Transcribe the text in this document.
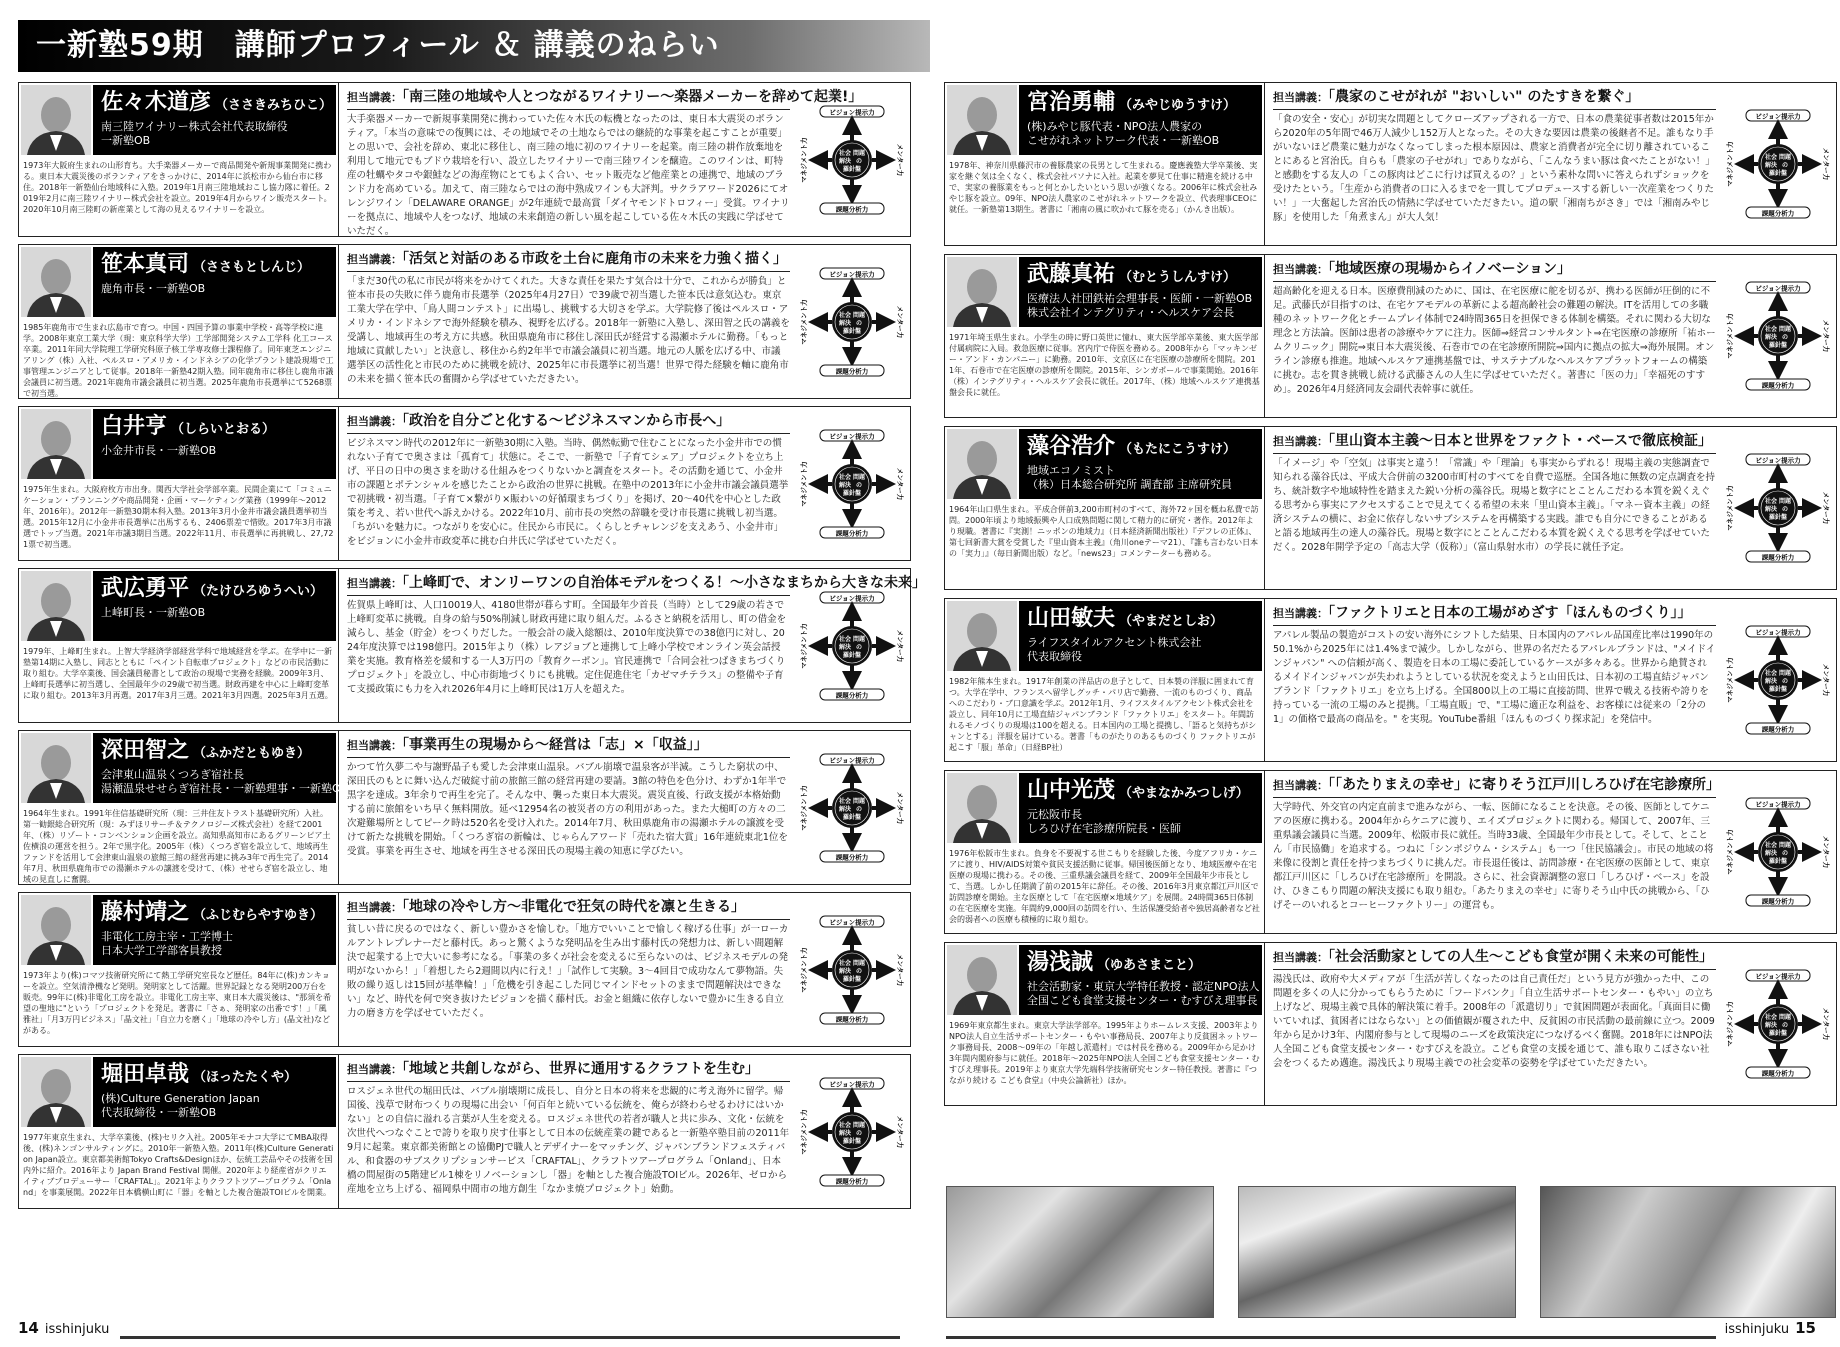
一新塾59期　講師プロフィール ＆ 講義のねらい
佐々木道彦 （ささきみちひこ）
南三陸ワイナリー株式会社代表取締役
一新塾OB
1973年大阪府生まれの山形育ち。大手楽器メーカーで商品開発や新規事業開発に携わる。東日本大震災後のボランティアをきっかけに、2014年に浜松市から仙台市に移住。2018年一新塾仙台地域科に入塾。2019年1月南三陸地域おこし協力隊に着任。2019年2月に南三陸ワイナリー株式会社を設立。2019年4月からワイン販売スタート。2020年10月南三陸町の新産業として海の見えるワイナリーを設立。
担当講義：「南三陸の地域や人とつながるワイナリー～楽器メーカーを辞めて起業!」
大手楽器メーカーで新規事業開発に携わっていた佐々木氏の転機となったのは、東日本大震災のボランティア。「本当の意味での復興には、その地域でその土地ならではの継続的な事業を起こすことが重要」との思いで、会社を辞め、東北に移住し、南三陸の地に初のワイナリーを起業。南三陸の耕作放棄地を利用して地元でもブドウ栽培を行い、設立したワイナリーで南三陸ワインを醸造。このワインは、町特産の牡蠣やタコや銀鮭などの海産物にとてもよく合い、セット販売など他産業との連携で、地域のブランド力を高めている。加えて、南三陸ならではの海中熟成ワインも大評判。サクラアワード2026にてオレンジワイン「DELAWARE ORANGE」が2年連続で最高賞「ダイヤモンドトロフィー」受賞。ワイナリーを拠点に、地域や人をつなげ、地域の未来創造の新しい風を起こしている佐々木氏の実践に学ばせていただく。
ビジョン提示力
社会 問題
解決 の
羅針盤
課題分析力
マネジメント力	メンター力
笹本真司 （ささもとしんじ）
鹿角市長・一新塾OB
1985年鹿角市で生まれ広島市で育つ。中国・四国予算の事業中学校・高等学校に進学。2008年東京工業大学（現：東京科学大学）工学部開発システム工学科 化工コース卒業。2011年同大学院理工学研究科原子核工学専攻修士課程修了。同年東芝エンジニアリング（株）入社、ペルスロ・アメリカ・インドネシアの化学プラント建設現場で工事管理エンジニアとして従事。2018年一新塾42期入塾。同年鹿角市に移住し鹿角市議会議員に初当選。2021年鹿角市議会議員に初当選。2025年鹿角市長選挙にて5268票で初当選。
担当講義：「活気と対話のある市政を土台に鹿角市の未来を力強く描く」
「まだ30代の私に市民が将来をかけてくれた。大きな責任を果たす気合は十分で、これからが勝負」と笹本市長の失敗に伴う鹿角市長選挙（2025年4月27日）で39歳で初当選した笹本氏は意気込む。東京工業大学在学中、「鳥人間コンテスト」に出場し、挑戦する大切さを学ぶ。大学院修了後はペルスロ・アメリカ・インドネシアで海外経験を積み、視野を広げる。2018年一新塾に入塾し、深田智之氏の講義を受講し、地域再生の考え方に共感。秋田県鹿角市に移住し深田氏が経営する湯瀬ホテルに勤務。「もっと地域に貢献したい」と決意し、移住から約2年半で市議会議員に初当選。地元の人脈を広げる中、市議選挙区の活性化と市民のために挑戦を続け、2025年に市長選挙に初当選！世界で得た経験を軸に鹿角市の未来を描く笹本氏の奮闘から学ばせていただきたい。
ビジョン提示力
社会 問題
解決 の
羅針盤
課題分析力
マネジメント力	メンター力
白井亨 （しらいとおる）
小金井市長・一新塾OB
1975年生まれ。大阪府枚方市出身。関西大学社会学部卒業。民間企業にて「コミュニケーション・プランニングや商品開発・企画・マーケティング業務（1999年～2012年、2016年）。2012年一新塾30期本科入塾。2013年3月小金井市議会議員選挙初当選。2015年12月に小金井市長選挙に出馬するも、2406票差で惜敗。2017年3月市議選でトップ当選。2021年市議3期目当選。2022年11月、市長選挙に再挑戦し、27,721票で初当選。
担当講義：「政治を自分ごと化する～ビジネスマンから市長へ」
ビジネスマン時代の2012年に一新塾30期に入塾。当時、偶然転勤で住むことになった小金井市での慣れない子育てで奥さまは「孤育て」状態に。そこで、一新塾で「子育てシェア」プロジェクトを立ち上げ、平日の日中の奥さまを助ける仕組みをつくりないかと調査をスタート。その活動を通じて、小金井市の課題とポテンシャルを感じたことから政治の世界に挑戦。在塾中の2013年に小金井市議会議員選挙で初挑戦・初当選。「子育て×繋がり×賑わいの好循環まちづくり」を掲げ、20～40代を中心とした政策を考え、若い世代へ訴えかける。2022年10月、前市長の突然の辞職を受け市長選に挑戦し初当選。「ちがいを魅力に。つながりを安心に。住民から市民に。くらしとチャレンジを支えあう、小金井市」をビジョンに小金井市政変革に挑む白井氏に学ばせていただく。
ビジョン提示力
社会 問題
解決 の
羅針盤
課題分析力
マネジメント力	メンター力
武広勇平 （たけひろゆうへい）
上峰町長・一新塾OB
1979年、上峰町生まれ。上智大学経済学部経営学科で地域経営を学ぶ。在学中に一新塾第14期に入塾し、同志とともに「ペイント自転車プロジェクト」などの市民活動に取り組む。大学卒業後、国会議員秘書として政治の現場で実務を経験。2009年3月、上峰町長選挙に初当選し、全国最年少の29歳で初当選。財政再建を中心に上峰町変革に取り組む。2013年3月再選。2017年3月三選。2021年3月四選。2025年3月五選。
担当講義：「上峰町で、オンリーワンの自治体モデルをつくる！～小さなまちから大きな未来」
佐賀県上峰町は、人口10019人、4180世帯が暮らす町。全国最年少首長（当時）として29歳の若さで上峰町変革に挑戦。自身の給与50%削減し財政再建に取り組んだ。ふるさと納税を活用し、町の借金を減らし、基金（貯金）をつくりだした。一般会計の歳入総額は、2010年度決算での38億円に対し、2024年度決算では198億円。2015年より（株）レアジョブと連携して上峰小学校でオンライン英会話授業を実施。教育格差を緩和する一人3万円の「教育クーポン」。官民連携で「合同会社つばきまちづくりプロジェクト」を設立し、中心市街地づくりにも挑戦。定住促進住宅「カゼマチテラス」の整備や子育て支援政策にも力を入れ2026年4月に上峰町民は1万人を超えた。
ビジョン提示力
社会 問題
解決 の
羅針盤
課題分析力
マネジメント力	メンター力
深田智之 （ふかだともゆき）
会津東山温泉くつろぎ宿社長
湯瀬温泉せせらぎ宿社長・一新塾理事・一新塾OB
1964年生まれ。1991年住信基礎研究所（現：三井住友トラスト基礎研究所）入社。第一勧銀総合研究所（現：みずほリサーチ＆テクノロジーズ株式会社）を経て2001年、（株）リゾート・コンベンション企画を設立。高知県高知市にあるグリーンピア土佐横浪の運営を担う。2年で黒字化。2005年（株）くつろぎ宿を設立して、地域再生ファンドを活用して会津東山温泉の旅館三館の経営再建に挑み3年で再生完了。2014年7月、秋田県鹿角市での湯瀬ホテルの譲渡を受けて、（株）せせらぎ宿を設立し、地域の見直しに奮闘。
担当講義：「事業再生の現場から～経営は「志」×「収益」」
かつて竹久夢二や与謝野晶子も愛した会津東山温泉。バブル崩壊で温泉客が半減。こうした窮状の中、深田氏のもとに舞い込んだ破綻寸前の旅館三館の経営再建の要請。3館の特色を色分け、わずか1年半で黒字を達成。3年余りで再生を完了。そんな中、襲った東日本大震災。震災直後、行政支援が本格始動する前に旅館をいち早く無料開放。延べ12954名の被災者の方の利用があった。また大槌町の方々の二次避難場所としてピーク時は520名を受け入れた。2014年7月、秋田県鹿角市の湯瀬ホテルの譲渡を受けて新たな挑戦を開始。「くつろぎ宿の新輪は、じゃらんアワード「売れた宿大賞」16年連続東北1位を受賞。事業を再生させ、地域を再生させる深田氏の現場主義の知恵に学びたい。
ビジョン提示力
社会 問題
解決 の
羅針盤
課題分析力
マネジメント力	メンター力
藤村靖之 （ふじむらやすゆき）
非電化工房主宰・工学博士
日本大学工学部客員教授
1973年より(株)コマツ技術研究所にて熱工学研究室長など歴任。84年に(株)カンキョーを設立。空気清浄機など発明。発明家として活躍。世界記録となる発明200万台を販売。99年に(株)非電化工房を設立。非電化工房主宰、東日本大震災後は、"那須を希望の聖地に"という「プロジェクトを発足。著書に「さぁ、発明家の出番です！」「風雅社」「月3万円ビジネス」「晶文社」「自立力を磨く」「地球の冷やし方」(晶文社)などがある。
担当講義：「地球の冷やし方～非電化で狂気の時代を凛と生きる」
貧しい昔に戻るのではなく、新しい豊かさを愉しむ。「地方でいいことで愉しく稼げる仕事」が一ローカルアントレプレナーだと藤村氏。あっと驚くような発明品を生み出す藤村氏の発想力は、新しい間題解決で起業する上で大いに参考になる。「事業の多くが社会を変えるに至らないのは、ビジネスモデルの発明がないから！」「着想したら2週間以内に行え！」「試作して実験。3～4回目で成功なんて夢物語。失敗の繰り返しは15回が基準輪！」「危機を引き起こした同じマインドセットのままで問題解決はできない」など、時代を何で突き抜けたビジョンを描く藤村氏。お金と組織に依存しないで豊かに生きる自立力の磨き方を学ばせていただく。
ビジョン提示力
社会 問題
解決 の
羅針盤
課題分析力
マネジメント力	メンター力
堀田卓哉 （ほったたくや）
(株)Culture Generation Japan
代表取締役・一新塾OB
1977年東京生まれ、大学卒業後、(株)セリク入社。2005年モナコ大学にてMBA取得後、(株)ネンゴンサルティングに。2010年一新塾入塾。2011年(株)Culture Generation Japan設立。東京都美術館Tokyo Crafts&Designほか、伝統工芸品やその技術を国内外に紹介。2016年より Japan Brand Festival 開催。2020年より経産省がクリエイティブプロデューサー「CRAFTAL」。2021年よりクラフトツアープログラム「Onland」を事業展開。2022年日本橋横山町に「器」を軸とした複合施設TOIビルを開業。
担当講義：「地域と共創しながら、世界に通用するクラフトを生む」
ロスジェネ世代の堀田氏は、バブル崩壊期に成長し、自分と日本の将来を悲観的に考え海外に留学。帰国後、浅草で財布つくりの現場に出会い「何百年と続いている伝統を、俺らが終わらせるわけにはいかない」との自信に溢れる言葉が人生を変える。ロスジェネ世代の若者が職人と共に歩み、文化・伝統を次世代へつなぐことで誇りを取り戻す仕事として日本の伝統産業の鍵であると一新塾卒塾目前の2011年9月に起業。東京都美術館との協働PJで職人とデザイナーをマッチング、ジャパンブランドフェスティバル、和食器のサブスクリプションサービス「CRAFTAL」、クラフトツアープログラム「Onland」、日本橋の問屋街の5階建ビル1棟をリノベーションし「器」を軸とした複合施設TOIビル。2026年、ゼロから産地を立ち上げる、福岡県中間市の地方創生「なかま焼プロジェクト」始動。
ビジョン提示力
社会 問題
解決 の
羅針盤
課題分析力
マネジメント力	メンター力
宮治勇輔 （みやじゆうすけ）
(株)みやじ豚代表・NPO法人農家の
こせがれネットワーク代表・一新塾OB
1978年、神奈川県藤沢市の養豚農家の長男として生まれる。慶應義塾大学卒業後、実家を継ぐ気は全くなく、株式会社パソナに入社。起業を夢見て仕事に精進を続ける中で、実家の養豚業をもっと何とかしたいという思いが強くなる。2006年に株式会社みやじ豚を設立。09年、NPO法人農家のこせがれネットワークを設立、代表理事CEOに就任。一新塾第13期生。著書に「湘南の風に吹かれて豚を売る」（かんき出版）。
担当講義：「農家のこせがれが "おいしい" のたすきを繋ぐ」
「食の安全・安心」が切実な問題としてクローズアップされる一方で、日本の農業従事者数は2015年から2020年の5年間で46万人減少し152万人となった。その大きな要因は農業の後継者不足。誰もなり手がいないほど農業に魅力がなくなってしまった根本原因は、農家と消費者が完全に切り離されていることにあると宮治氏。自らも「農家の子せがれ」でありながら、「こんなうまい豚は食べたことがない！」と感動をする友人の「この豚肉はどこに行けば買えるの？」という素朴な問いに答えられずショックを受けたという。「生産から消費者の口に入るまでを一貫してプロデュースする新しい一次産業をつくりたい！」一大奮起した宮治氏の情熱に学ばせていただきたい。道の駅「湘南ちがさき」では「湘南みやじ豚」を使用した「角煮まん」が大人気！
ビジョン提示力
社会 問題
解決 の
羅針盤
課題分析力
マネジメント力	メンター力
武藤真祐 （むとうしんすけ）
医療法人社団鉄祐会理事長・医師・一新塾OB
株式会社インテグリティ・ヘルスケア会長
1971年埼玉県生まれ。小学生の時に野口英世に憧れ、東大医学部卒業後、東大医学部付属病院に入局。救急医療に従事。宮内庁で侍医を務める。2008年から「マッキンゼー・アンド・カンパニー」に勤務。2010年、文京区に在宅医療の診療所を開院。2011年、石巻市で在宅医療の診療所を開院。2015年、シンガポールで事業開始。2016年（株）インテグリティ・ヘルスケア会長に就任。2017年、（株）地域ヘルスケア連携基盤会長に就任。
担当講義：「地域医療の現場からイノベーション」
超高齢化を迎える日本。医療費削減のために、国は、在宅医療に舵を切るが、携わる医師が圧倒的に不足。武藤氏が目指すのは、在宅ケアモデルの革新による超高齢社会の難題の解決。ITを活用しての多職種のネットワーク化とチームプレイ体制で24時間365日を担保できる体制を構築。それに関わる大切な理念と方法論。医師は患者の診療やケアに注力。医師⇒経営コンサルタント⇒在宅医療の診療所「祐ホームクリニック」開院⇒東日本大震災後、石巻市での在宅診療所開院⇒国内に拠点の拡大⇒海外展開。オンライン診療も推進。地域ヘルスケア連携基盤では、サステナブルなヘルスケアプラットフォームの構築に挑む。志を貫き挑戦し続ける武藤さんの人生に学ばせていただく。著書に「医の力」「幸福死のすすめ」。2026年4月経済同友会副代表幹事に就任。
ビジョン提示力
社会 問題
解決 の
羅針盤
課題分析力
マネジメント力	メンター力
藻谷浩介 （もたにこうすけ）
地域エコノミスト
（株）日本総合研究所 調査部 主席研究員
1964年山口県生まれ。平成合併前3,200市町村のすべて、海外72ヶ国を概ね私費で訪問。2000年頃より地域振興や人口成熟問題に関して精力的に研究・著作。2012年より現職。著書に『実測！ニッポンの地域力』（日本経済新聞出版社）『デフレの正体』、第七回新書大賞を受賞した『里山資本主義』（角川oneテーマ21）、『誰も言わない日本の「実力」』（毎日新聞出版）など。「news23」コメンテーターも務める。
担当講義：「里山資本主義～日本と世界をファクト・ベースで徹底検証」
「イメージ」や「空気」は事実と違う！「常識」や「理論」も事実からずれる！現場主義の実態調査で知られる藻谷氏は、平成大合併前の3200市町村のすべてを自費で巡歴。全国各地に無数の定点調査を持ち、統計数字や地域特性を踏まえた鋭い分析の藻谷氏。現場と数字にとことんこだわる本質を鋭くえぐる思考から事実にアクセスすることで見えてくる希望の未来「里山資本主義」。「マネー資本主義」の経済システムの横に、お金に依存しないサブシステムを再構築する実践。誰でも自分にできることがあると語る地域再生の達人の藻谷氏。現場と数字にとことんこだわる本質を鋭くえぐる思考を学ばせていただく。2028年開学予定の「高志大学（仮称）」（富山県射水市）の学長に就任予定。
ビジョン提示力
社会 問題
解決 の
羅針盤
課題分析力
マネジメント力	メンター力
山田敏夫 （やまだとしお）
ライフスタイルアクセント株式会社
代表取締役
1982年熊本生まれ。1917年創業の洋品店の息子として、日本製の洋服に囲まれて育つ。大学在学中、フランスへ留学しグッチ・パリ店で勤務、一流のものづくり、商品へのこだわり・ブ口意識を学ぶ。2012年1月、ライフスタイルアクセント株式会社を設立し、同年10月に工場直結ジャパンブランド「ファクトリエ」をスタート。年間訪れるモノづくりの現場は100を超える。日本国内の工場と提携し、「語ると気持ちがシャンとする」洋服を届けている。著書「ものがたりのあるものづくり ファクトリエが起こす「服」革命」（日経BP社）
担当講義：「ファクトリエと日本の工場がめざす「ほんものづくり」」
アパレル製品の製造がコストの安い海外にシフトした結果、日本国内のアパレル品国産比率は1990年の50.1%から2025年には1.4%まで減少。しかしながら、世界の名だたるアパレルブランドは、"メイドインジャパン" への信頼が高く、製造を日本の工場に委託しているケースが多々ある。世界から絶賛されるメイドインジャパンが失われようとしている状況を変えようと山田氏は、日本初の工場直結ジャパンブランド「ファクトリエ」を立ち上げる。全国800以上の工場に直接訪問、世界で戦える技術や誇りを持っている一流の工場のみと提携。「工場直販」で、"工場に適正な利益を、お客様には従来の「2分の1」の価格で最高の商品を。" を実現。YouTube番組「ほんものづくり探求記」を発信中。
ビジョン提示力
社会 問題
解決 の
羅針盤
課題分析力
マネジメント力	メンター力
山中光茂 （やまなかみつしげ）
元松阪市長
しろひげ在宅診療所院長・医師
1976年松阪市生まれ。負身を不要視する世こもりを経験した後、今度アフリカ・ケニアに渡り、HIV/AIDS対策や貧民支援活動に従事。帰国後医師となり、地域医療や在宅医療の現場に携わる。その後、三重県議会議員を経て、2009年全国最年少市長として、当選。しかし任期満了前の2015年に辞任。その後、2016年3月東京都江戸川区で訪問診療を開始。主な医療として「在宅医療×地域ケア」を展開。24時間365日体制の在宅医療を実施。年間約9,000回の訪問を行い、生活保護受給者や独居高齢者など社会的弱者への医療も積極的に取り組む。
担当講義：「「あたりまえの幸せ」に寄りそう江戸川しろひげ在宅診療所」
大学時代、外交官の内定直前まで進みながら、一転、医師になることを決意。その後、医師としてケニアの医療に携わる。2004年からケニアに渡り、エイズプロジェクトに関わる。帰国して、2007年、三重県議会議員に当選。2009年、松阪市長に就任。当時33歳、全国最年少市長として。そして、とことん「市民協働」を追求する。つねに「シンポジウム・システム」も一つ「住民協議会」。市民の地域の将来像に役割と責任を持つまちづくりに挑んだ。市長退任後は、訪問診療・在宅医療の医師として、東京都江戸川区に「しろひげ在宅診療所」を開設。さらに、社会資源調整の窓口「しろひげ・ベース」を設け、ひきこもり問題の解決支援にも取り組む。「あたりまえの幸せ」に寄りそう山中氏の挑戦から、「ひげそーのいれるとコーヒーファクトリー」の運営も。
ビジョン提示力
社会 問題
解決 の
羅針盤
課題分析力
マネジメント力	メンター力
湯浅誠 （ゆあさまこと）
社会活動家・東京大学特任教授・認定NPO法人
全国こども食堂支援センター・むすびえ理事長
1969年東京都生まれ。東京大学法学部卒。1995年よりホームレス支援、2003年よりNPO法人自立生活サポートセンター・もやい事務局長、2007年より反貧困ネットワーク事務局長、2008～09年の「年越し派遣村」では村長を務める。2009年から足かけ3年間内閣府参与に就任。2018年～2025年NPO法人全国こども食堂支援センター・むすびえ理事長。2019年より東京大学先端科学技術研究センター特任教授。著書に『つながり続ける こども食堂』（中央公論新社）ほか。
担当講義：「社会活動家としての人生～こども食堂が開く未来の可能性」
湯浅氏は、政府や大メディアが「生活が苦しくなったのは自己責任だ」という見方が強かった中、この問題を多くの人に分かってもらうために「フードバンク」「自立生活サポートセンター・もやい」の立ち上げなど、現場主義で具体的解決策に着手。2008年の「派遣切り」で貧困問題が表面化。「真面目に働いていれば、貧困者にはならない」との価値観が覆された中、反貧困の市民活動の最前線に立つ。2009年から足かけ3年、内閣府参与として現場のニーズを政策決定につなげるべく奮闘。2018年にはNPO法人全国こども食堂支援センター・むすびえを設立。こども食堂の支援を通じて、誰も取りこぼさない社会をつくるため邁進。湯浅氏より現場主義での社会変革の姿勢を学ばせていただきたい。
ビジョン提示力
社会 問題
解決 の
羅針盤
課題分析力
マネジメント力	メンター力
14 isshinjuku	isshinjuku 15
